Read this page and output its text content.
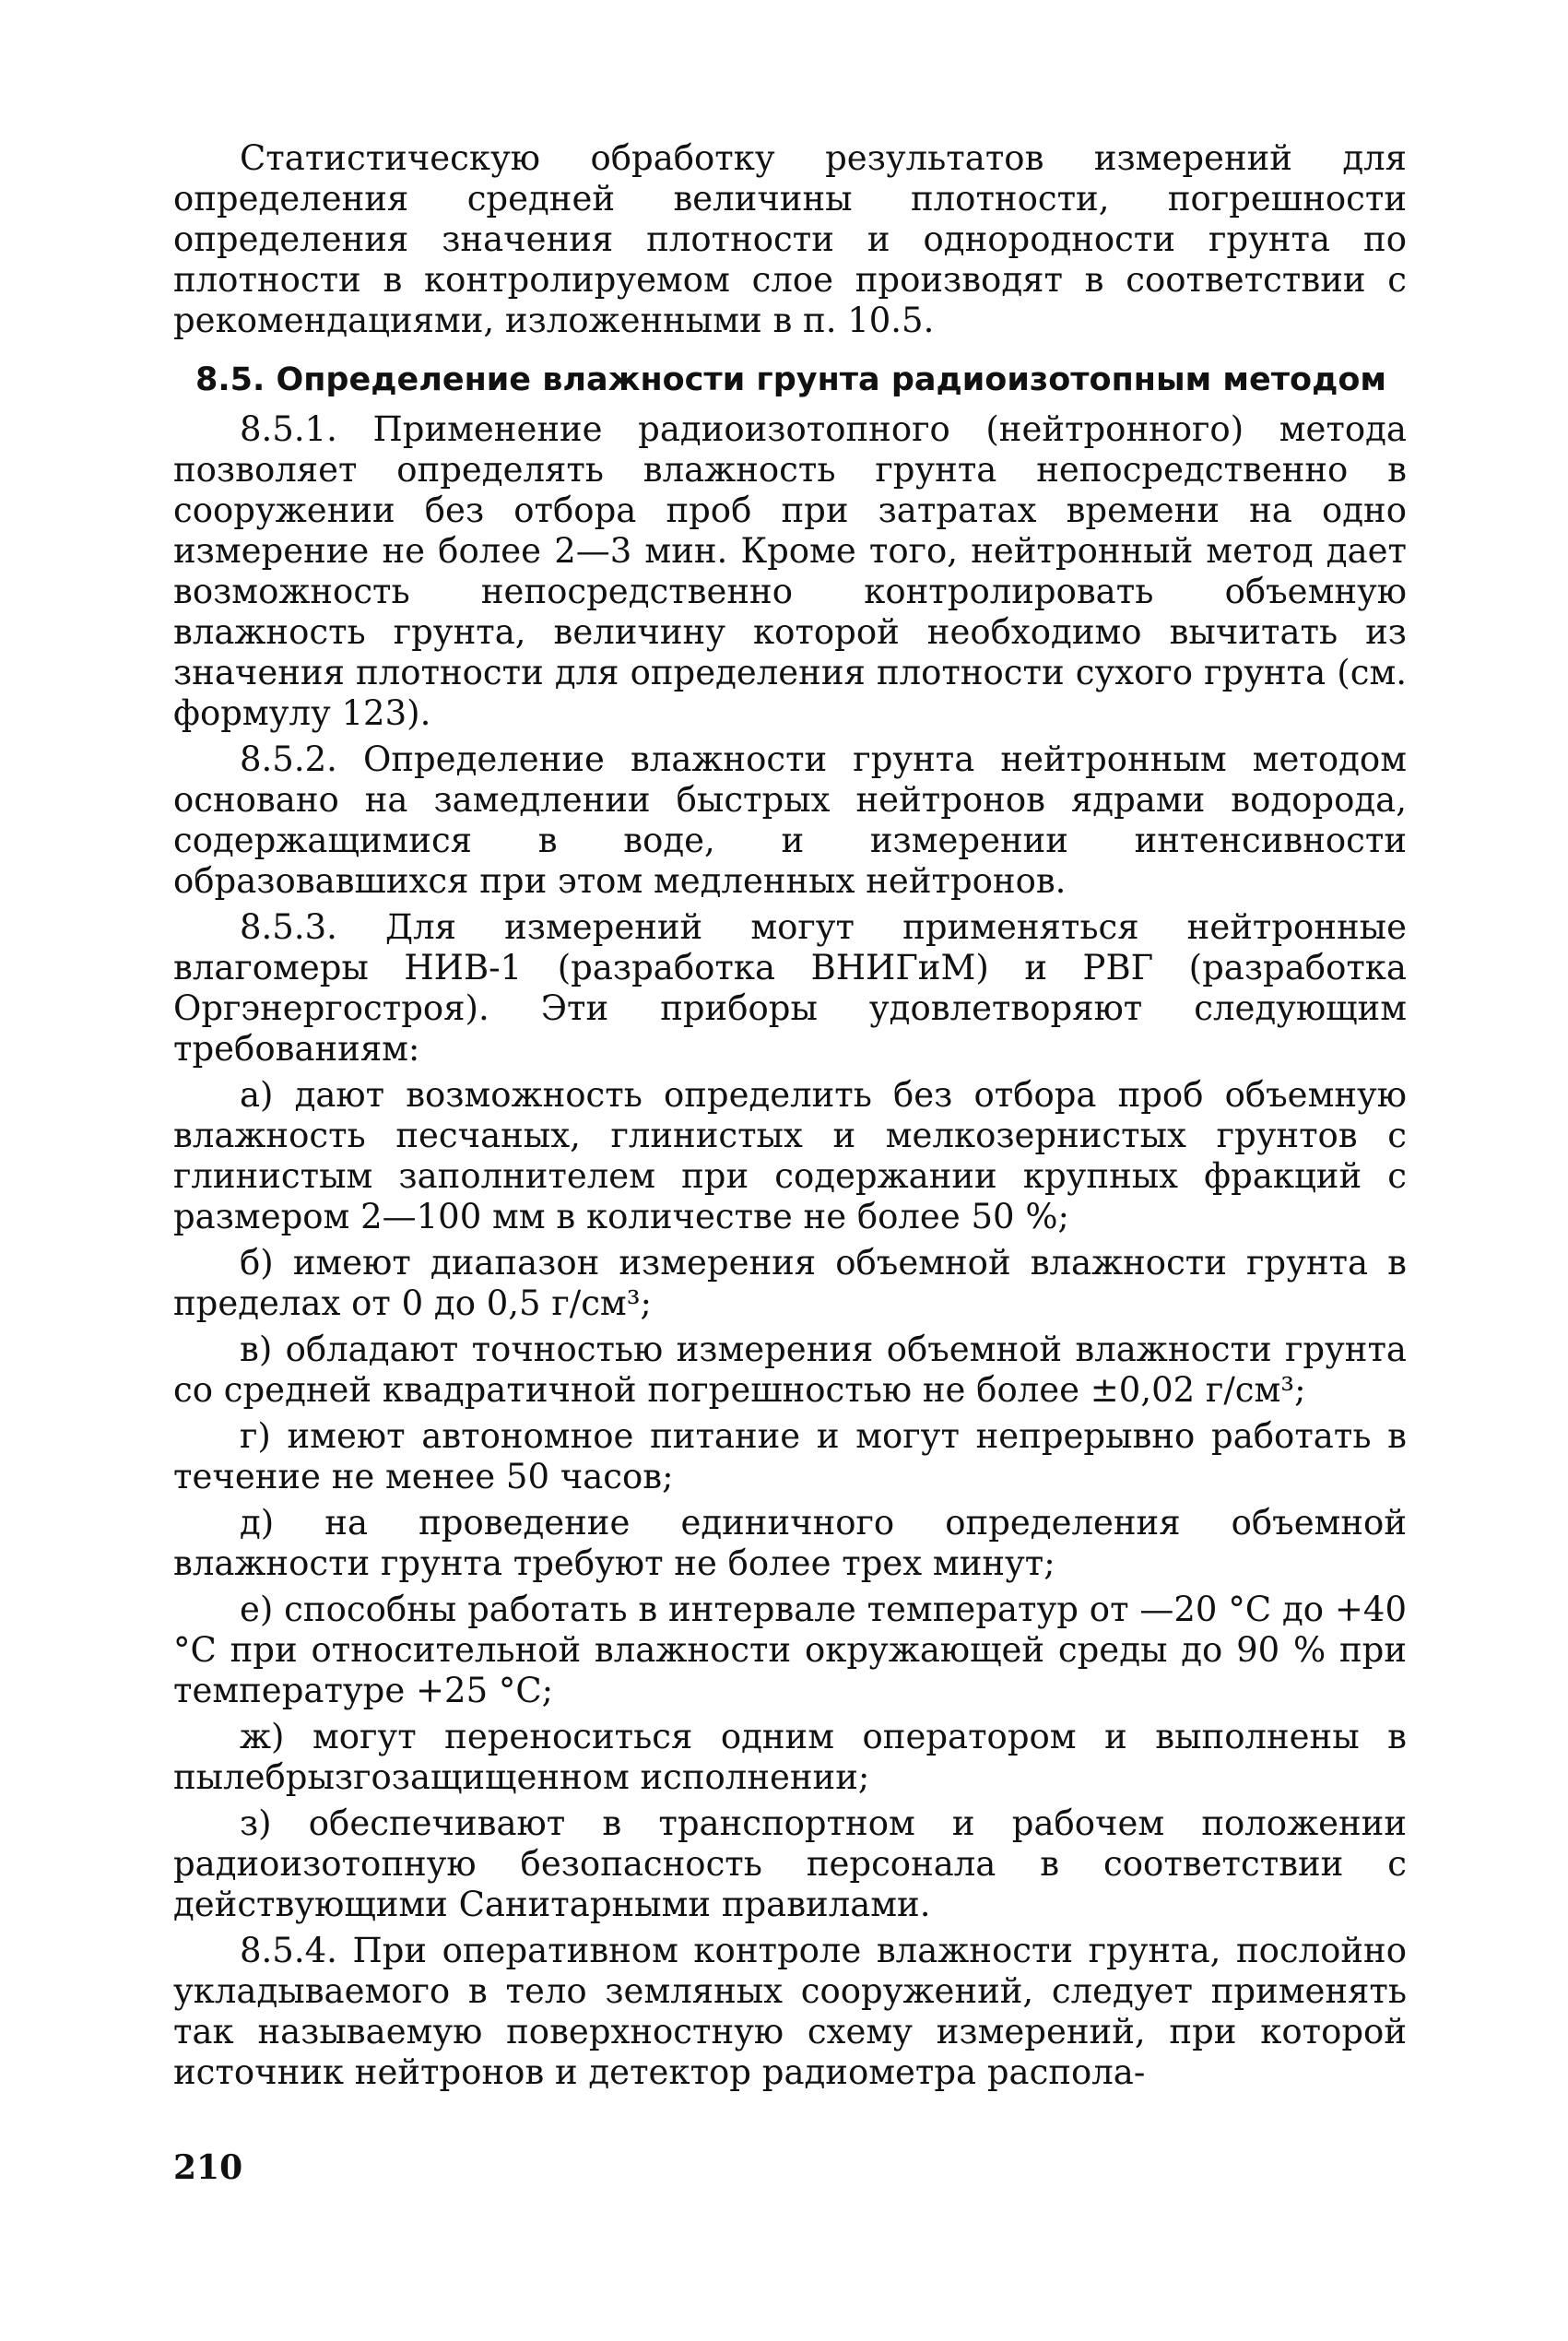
Статистическую обработку результатов измерений для определения средней величины плотности, погрешности определения значения плотности и однородности грунта по плотности в контролируемом слое производят в соответствии с рекомендациями, изложенными в п. 10.5.

8.5. Определение влажности грунта радиоизотопным методом

8.5.1. Применение радиоизотопного (нейтронного) метода позволяет определять влажность грунта непосредственно в сооружении без отбора проб при затратах времени на одно измерение не более 2—3 мин. Кроме того, нейтронный метод дает возможность непосредственно контролировать объемную влажность грунта, величину которой необходимо вычитать из значения плотности для определения плотности сухого грунта (см. формулу 123).

8.5.2. Определение влажности грунта нейтронным методом основано на замедлении быстрых нейтронов ядрами водорода, содержащимися в воде, и измерении интенсивности образовавшихся при этом медленных нейтронов.

8.5.3. Для измерений могут применяться нейтронные влагомеры НИВ-1 (разработка ВНИГиМ) и РВГ (разработка Оргэнергостроя). Эти приборы удовлетворяют следующим требованиям:

а) дают возможность определить без отбора проб объемную влажность песчаных, глинистых и мелкозернистых грунтов с глинистым заполнителем при содержании крупных фракций с размером 2—100 мм в количестве не более 50 %;

б) имеют диапазон измерения объемной влажности грунта в пределах от 0 до 0,5 г/см³;

в) обладают точностью измерения объемной влажности грунта со средней квадратичной погрешностью не более ±0,02 г/см³;

г) имеют автономное питание и могут непрерывно работать в течение не менее 50 часов;

д) на проведение единичного определения объемной влажности грунта требуют не более трех минут;

е) способны работать в интервале температур от —20 °С до +40 °С при относительной влажности окружающей среды до 90 % при температуре +25 °С;

ж) могут переноситься одним оператором и выполнены в пылебрызгозащищенном исполнении;

з) обеспечивают в транспортном и рабочем положении радиоизотопную безопасность персонала в соответствии с действующими Санитарными правилами.

8.5.4. При оперативном контроле влажности грунта, послойно укладываемого в тело земляных сооружений, следует применять так называемую поверхностную схему измерений, при которой источник нейтронов и детектор радиометра распола-

210
